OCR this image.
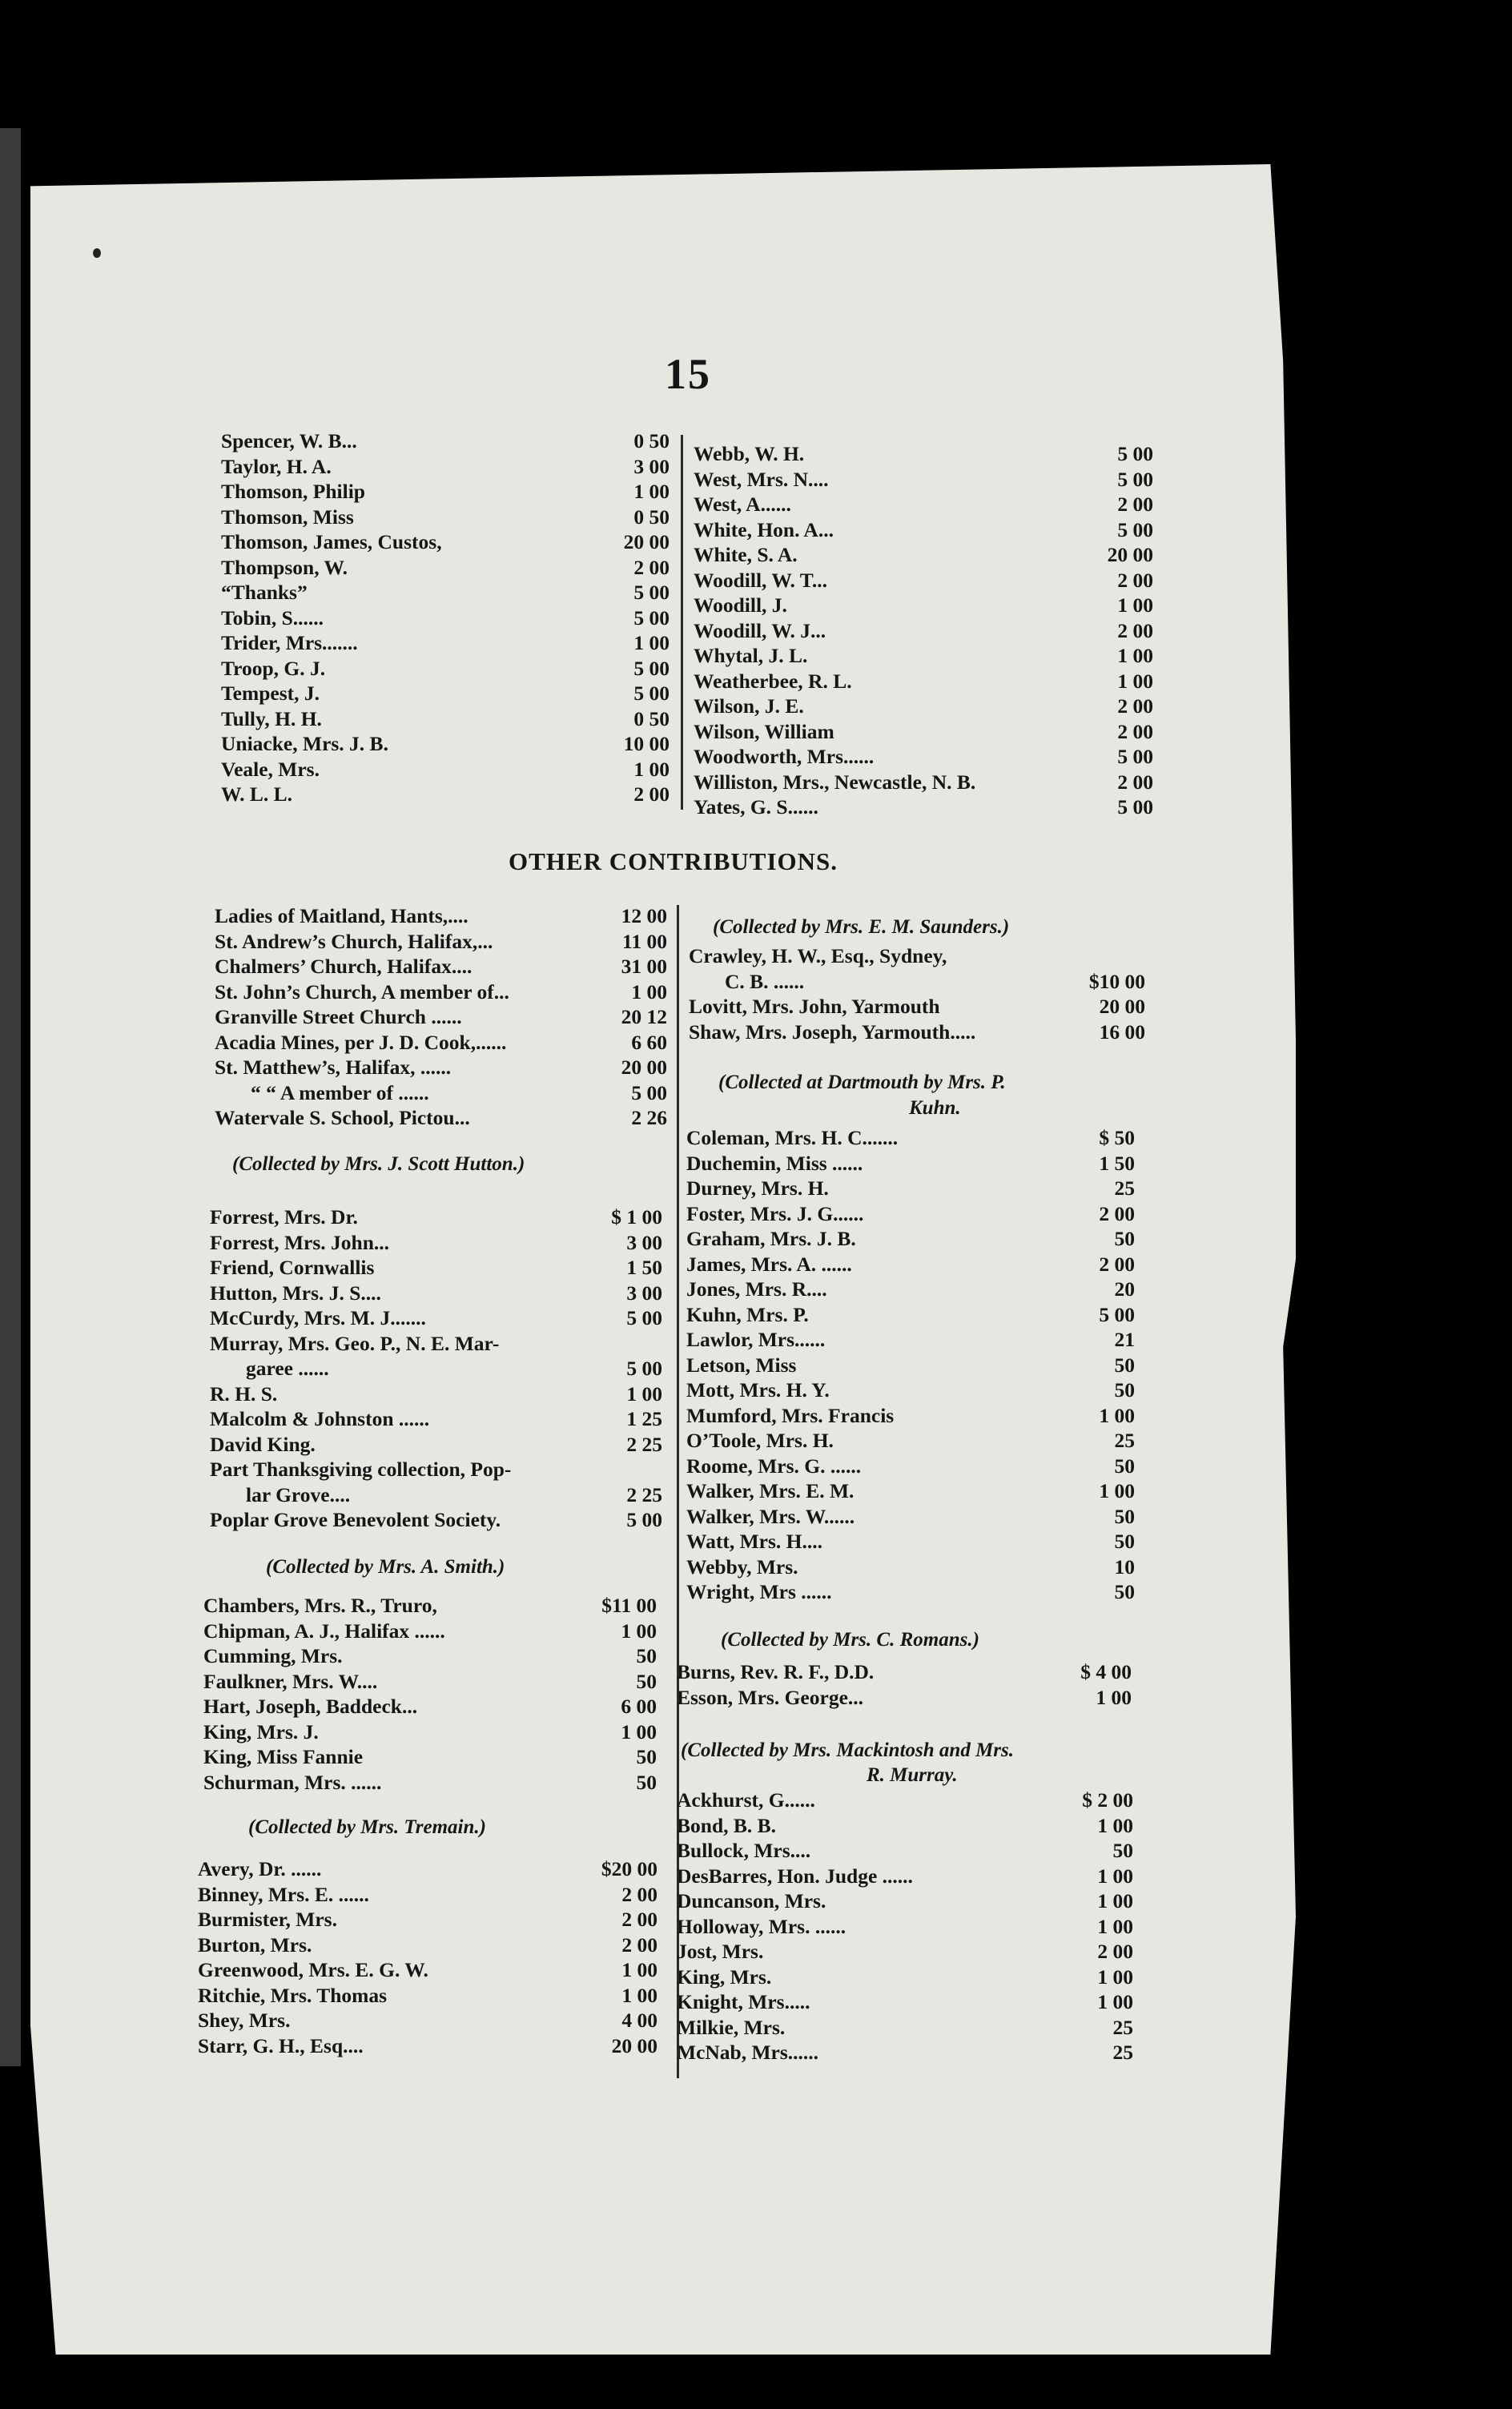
15
Spencer, W. B...	0 50
Taylor, H. A.	3 00
Thomson, Philip	1 00
Thomson, Miss	0 50
Thomson, James, Custos,	20 00
Thompson, W.	2 00
“Thanks”	5 00
Tobin, S......	5 00
Trider, Mrs.......	1 00
Troop, G. J.	5 00
Tempest, J.	5 00
Tully, H. H.	0 50
Uniacke, Mrs. J. B.	10 00
Veale, Mrs.	1 00
W. L. L.	2 00
Webb, W. H.	5 00
West, Mrs. N....	5 00
West, A......	2 00
White, Hon. A...	5 00
White, S. A.	20 00
Woodill, W. T...	2 00
Woodill, J.	1 00
Woodill, W. J...	2 00
Whytal, J. L.	1 00
Weatherbee, R. L.	1 00
Wilson, J. E.	2 00
Wilson, William	2 00
Woodworth, Mrs......	5 00
Williston, Mrs., Newcastle, N. B.	2 00
Yates, G. S......	5 00
OTHER CONTRIBUTIONS.
Ladies of Maitland, Hants,....	12 00
St. Andrew’s Church, Halifax,...	11 00
Chalmers’ Church, Halifax....	31 00
St. John’s Church, A member of...	1 00
Granville Street Church ......	20 12
Acadia Mines, per J. D. Cook,......	6 60
St. Matthew’s, Halifax, ......	20 00
“ “ A member of ......	5 00
Watervale S. School, Pictou...	2 26
(Collected by Mrs. J. Scott Hutton.)
Forrest, Mrs. Dr.	$ 1 00
Forrest, Mrs. John...	3 00
Friend, Cornwallis	1 50
Hutton, Mrs. J. S....	3 00
McCurdy, Mrs. M. J.......	5 00
Murray, Mrs. Geo. P., N. E. Mar-
garee ......	5 00
R. H. S.	1 00
Malcolm & Johnston ......	1 25
David King.	2 25
Part Thanksgiving collection, Pop-
lar Grove....	2 25
Poplar Grove Benevolent Society.	5 00
(Collected by Mrs. A. Smith.)
Chambers, Mrs. R., Truro,	$11 00
Chipman, A. J., Halifax ......	1 00
Cumming, Mrs.	50
Faulkner, Mrs. W....	50
Hart, Joseph, Baddeck...	6 00
King, Mrs. J.	1 00
King, Miss Fannie	50
Schurman, Mrs. ......	50
(Collected by Mrs. Tremain.)
Avery, Dr. ......	$20 00
Binney, Mrs. E. ......	2 00
Burmister, Mrs.	2 00
Burton, Mrs.	2 00
Greenwood, Mrs. E. G. W.	1 00
Ritchie, Mrs. Thomas	1 00
Shey, Mrs.	4 00
Starr, G. H., Esq....	20 00
(Collected by Mrs. E. M. Saunders.)
Crawley, H. W., Esq., Sydney,
C. B. ......	$10 00
Lovitt, Mrs. John, Yarmouth	20 00
Shaw, Mrs. Joseph, Yarmouth.....	16 00
(Collected at Dartmouth by Mrs. P.
Kuhn.
Coleman, Mrs. H. C.......	$ 50
Duchemin, Miss ......	1 50
Durney, Mrs. H.	25
Foster, Mrs. J. G......	2 00
Graham, Mrs. J. B.	50
James, Mrs. A. ......	2 00
Jones, Mrs. R....	20
Kuhn, Mrs. P.	5 00
Lawlor, Mrs......	21
Letson, Miss	50
Mott, Mrs. H. Y.	50
Mumford, Mrs. Francis	1 00
O’Toole, Mrs. H.	25
Roome, Mrs. G. ......	50
Walker, Mrs. E. M.	1 00
Walker, Mrs. W......	50
Watt, Mrs. H....	50
Webby, Mrs.	10
Wright, Mrs ......	50
(Collected by Mrs. C. Romans.)
Burns, Rev. R. F., D.D.	$ 4 00
Esson, Mrs. George...	1 00
(Collected by Mrs. Mackintosh and Mrs.
R. Murray.
Ackhurst, G......	$ 2 00
Bond, B. B.	1 00
Bullock, Mrs....	50
DesBarres, Hon. Judge ......	1 00
Duncanson, Mrs.	1 00
Holloway, Mrs. ......	1 00
Jost, Mrs.	2 00
King, Mrs.	1 00
Knight, Mrs.....	1 00
Milkie, Mrs.	25
McNab, Mrs......	25
